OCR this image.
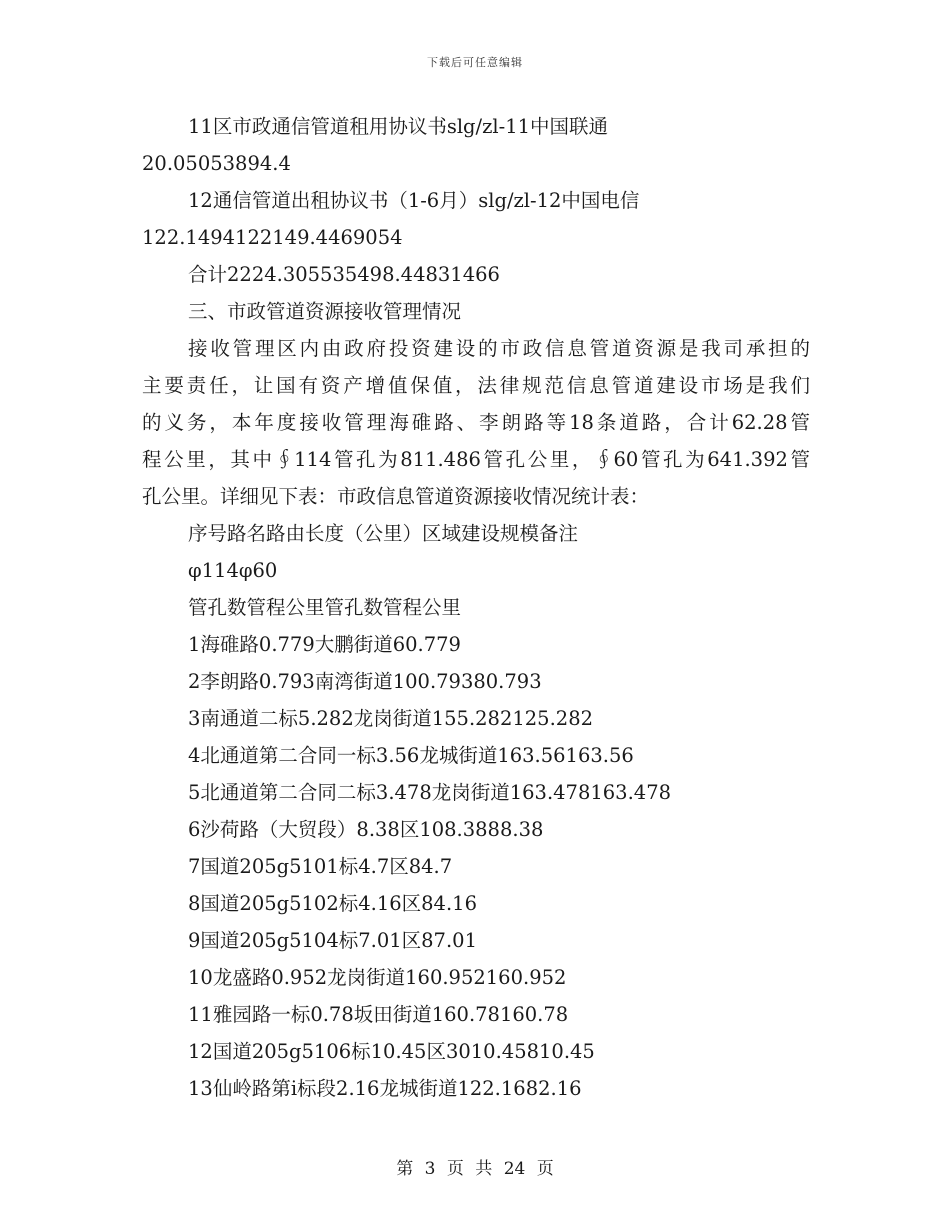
下载后可任意编辑
11区市政通信管道租用协议书slg/zl-11中国联通
20.05053894.4
12通信管道出租协议书（1-6月）slg/zl-12中国电信
122.1494122149.4469054
合计2224.305535498.44831466
三、市政管道资源接收管理情况
接收管理区内由政府投资建设的市政信息管道资源是我司承担的
主要责任，让国有资产增值保值，法律规范信息管道建设市场是我们
的义务，本年度接收管理海碓路、李朗路等18条道路，合计62.28管
程公里，其中∮114管孔为811.486管孔公里，∮60管孔为641.392管
孔公里。详细见下表：市政信息管道资源接收情况统计表：
序号路名路由长度（公里）区域建设规模备注
φ114φ60
管孔数管程公里管孔数管程公里
1海碓路0.779大鹏街道60.779
2李朗路0.793南湾街道100.79380.793
3南通道二标5.282龙岗街道155.282125.282
4北通道第二合同一标3.56龙城街道163.56163.56
5北通道第二合同二标3.478龙岗街道163.478163.478
6沙荷路（大贸段）8.38区108.3888.38
7国道205g5101标4.7区84.7
8国道205g5102标4.16区84.16
9国道205g5104标7.01区87.01
10龙盛路0.952龙岗街道160.952160.952
11雅园路一标0.78坂田街道160.78160.78
12国道205g5106标10.45区3010.45810.45
13仙岭路第i标段2.16龙城街道122.1682.16
第 3 页 共 24 页
